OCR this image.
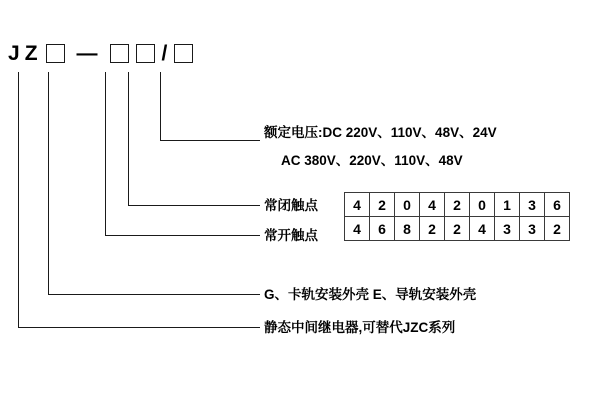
J Z —	/
额定电压:DC 220V、110V、48V、24V
AC 380V、220V、110V、48V
常闭触点
常开触点
G、卡轨安装外壳 E、导轨安装外壳
静态中间继电器,可替代JZC系列
4	2	0	4	2	0	1	3	6
4	6	8	2	2	4	3	3	2
